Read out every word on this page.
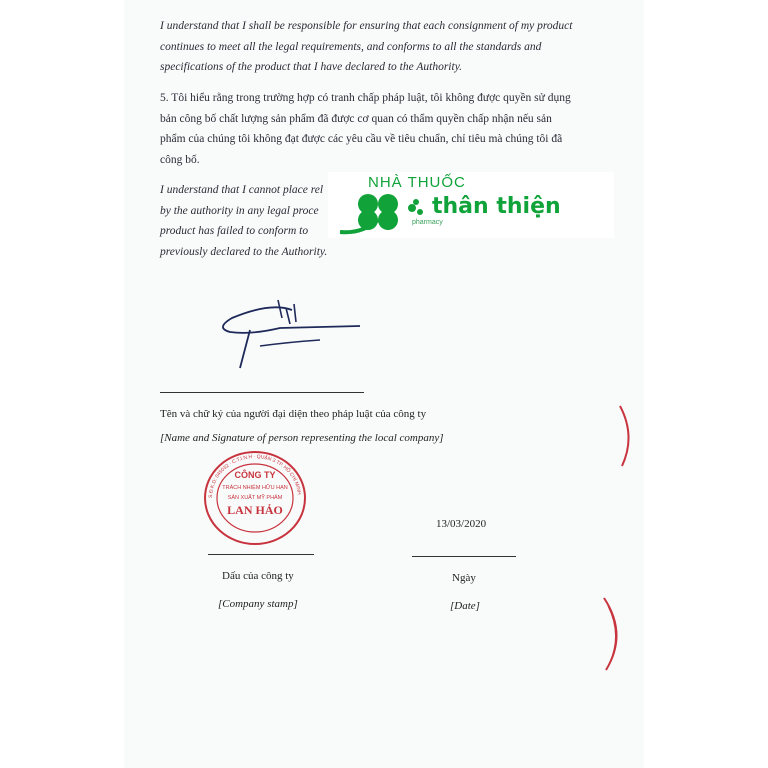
I understand that I shall be responsible for ensuring that each consignment of my product continues to meet all the legal requirements, and conforms to all the standards and specifications of the product that I have declared to the Authority.

5. Tôi hiểu rằng trong trường hợp có tranh chấp pháp luật, tôi không được quyền sử dụng bản công bố chất lượng sản phẩm đã được cơ quan có thẩm quyền chấp nhận nếu sản phẩm của chúng tôi không đạt được các yêu cầu về tiêu chuẩn, chỉ tiêu mà chúng tôi đã công bố.

I understand that I cannot place rel
by the authority in any legal proce
product has failed to conform to
previously declared to the Authority.
NHÀ THUỐC
thân thiện
pharmacy
Tên và chữ ký của người đại diện theo pháp luật của công ty
[Name and Signature of person representing the local company]
CÔNG TY
TRÁCH NHIỆM HỮU HẠN
SẢN XUẤT MỸ PHẨM
LAN HẢO
S.Đ.K.D: 045032 · C.T.I.N.H · QUẬN 3 TP. HỒ CHÍ MINH
13/03/2020
Dấu của công ty	Ngày
[Company stamp]	[Date]
